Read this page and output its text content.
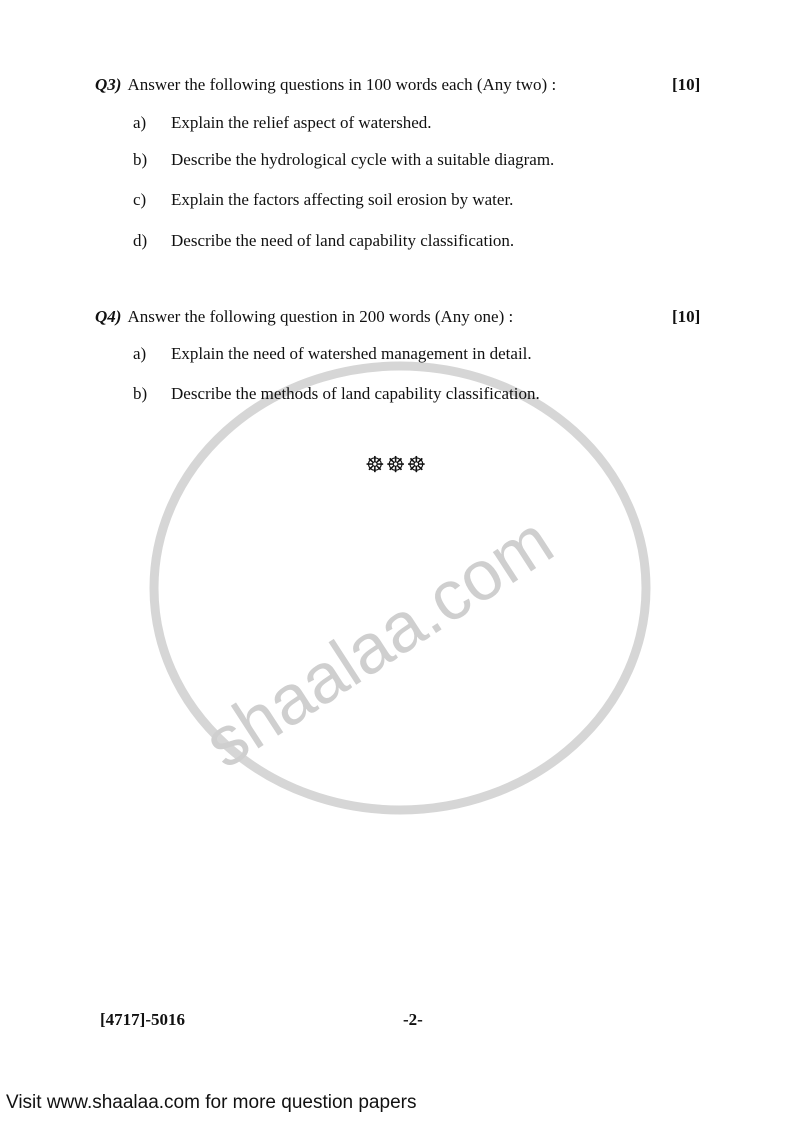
shaalaa.com
Q3) Answer the following questions in 100 words each (Any two) :	[10]
a) Explain the relief aspect of watershed.
b) Describe the hydrological cycle with a suitable diagram.
c) Explain the factors affecting soil erosion by water.
d) Describe the need of land capability classification.
Q4) Answer the following question in 200 words (Any one) :	[10]
a) Explain the need of watershed management in detail.
b) Describe the methods of land capability classification.
☸☸☸
[4717]-5016	-2-
Visit www.shaalaa.com for more question papers
